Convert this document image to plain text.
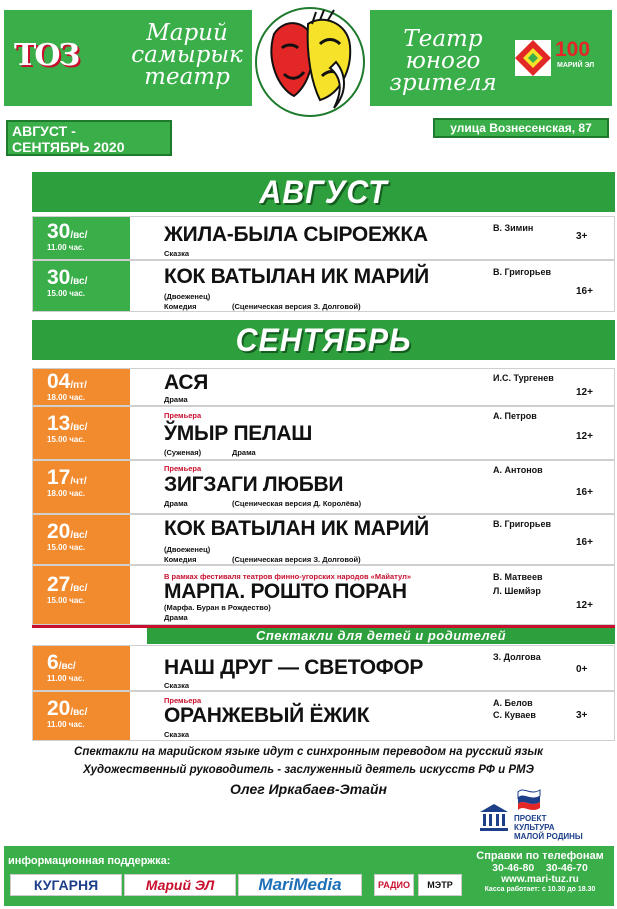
ТОЗ
Марий
самырык
театр
Театр
юного
зрителя
100
МАРИЙ ЭЛ
АВГУСТ -
СЕНТЯБРЬ 2020
улица Вознесенская, 87
АВГУСТ
30/вс/
11.00 час.
ЖИЛА-БЫЛА СЫРОЕЖКА
Сказка
В. Зимин
3+
30/вс/
15.00 час.
КОК ВАТЫЛАН ИК МАРИЙ
(Двоеженец)
Комедия	(Сценическая версия З. Долговой)
В. Григорьев
16+
СЕНТЯБРЬ
04/пт/
18.00 час.
АСЯ
Драма
И.С. Тургенев
12+
13/вс/
15.00 час.
Премьера
ЎМЫР ПЕЛАШ
(Суженая)	Драма
А. Петров
12+
17/чт/
18.00 час.
Премьера
ЗИГЗАГИ ЛЮБВИ
Драма	(Сценическая версия Д. Королёва)
А. Антонов
16+
20/вс/
15.00 час.
КОК ВАТЫЛАН ИК МАРИЙ
(Двоеженец)
Комедия	(Сценическая версия З. Долговой)
В. Григорьев
16+
27/вс/
15.00 час.
В рамках фестиваля театров финно-угорских народов «Майатул»
МАРПА. РОШТО ПОРАН
(Марфа. Буран в Рождество)
Драма
В. Матвеев
Л. Шемйэр
12+
Спектакли для детей и родителей
6/вс/
11.00 час.	НАШ ДРУГ — СВЕТОФОР
Сказка
З. Долгова
0+
20/вс/
11.00 час.
Премьера
ОРАНЖЕВЫЙ ЁЖИК
Сказка
А. Белов
С. Куваев	3+
Спектакли на марийском языке идут с синхронным переводом на русский язык
Художественный руководитель - заслуженный деятель искусств РФ и РМЭ
Олег Иркабаев-Этайн
ПРОЕКТ
КУЛЬТУРА
МАЛОЙ РОДИНЫ
информационная поддержка:
КУГАРНЯ	Марий ЭЛ	MariMedia	РАДИО	МЭТР
Справки по телефонам
30-46-80 30-46-70
www.mari-tuz.ru
Касса работает: с 10.30 до 18.30
